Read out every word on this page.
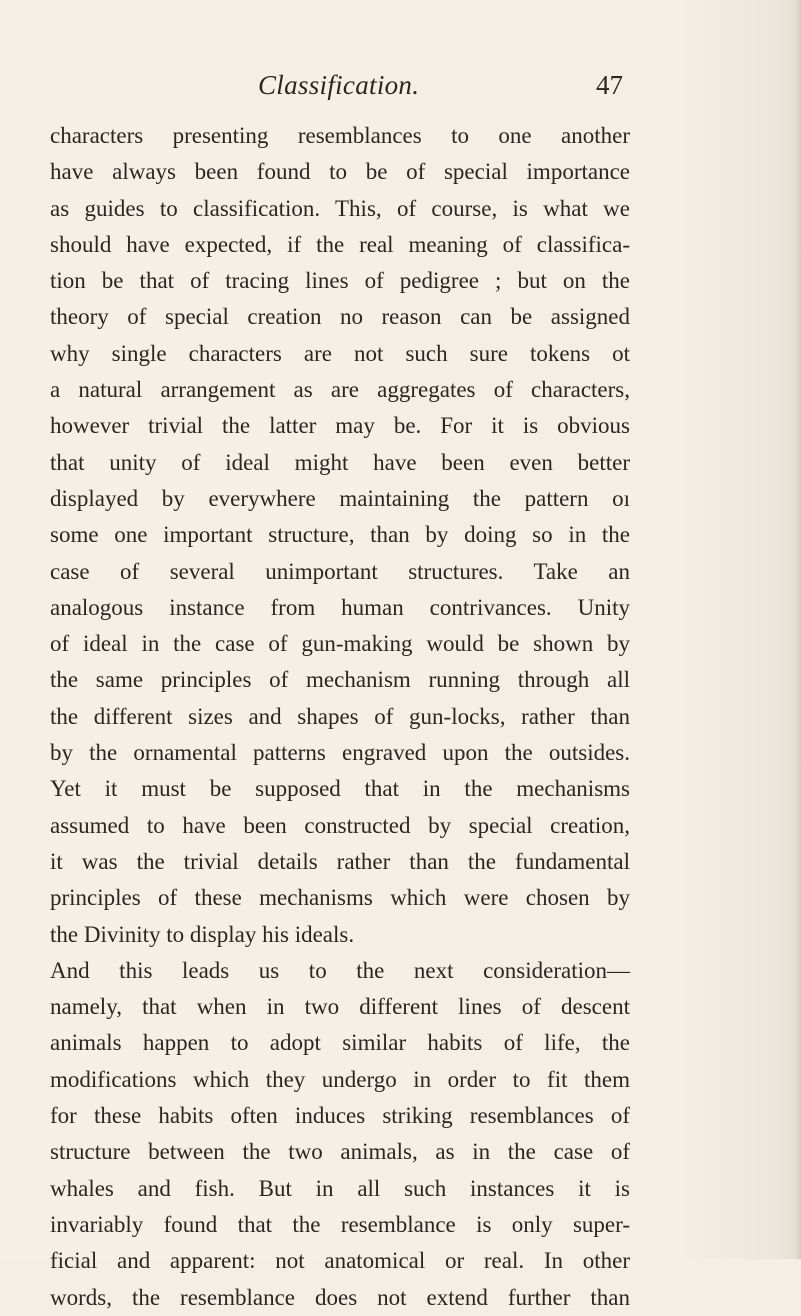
Classification.	47
characters presenting resemblances to one another
have always been found to be of special importance
as guides to classification. This, of course, is what we
should have expected, if the real meaning of classifica-
tion be that of tracing lines of pedigree ; but on the
theory of special creation no reason can be assigned
why single characters are not such sure tokens ot
a natural arrangement as are aggregates of characters,
however trivial the latter may be. For it is obvious
that unity of ideal might have been even better
displayed by everywhere maintaining the pattern oı
some one important structure, than by doing so in the
case of several unimportant structures. Take an
analogous instance from human contrivances. Unity
of ideal in the case of gun-making would be shown by
the same principles of mechanism running through all
the different sizes and shapes of gun-locks, rather than
by the ornamental patterns engraved upon the outsides.
Yet it must be supposed that in the mechanisms
assumed to have been constructed by special creation,
it was the trivial details rather than the fundamental
principles of these mechanisms which were chosen by
the Divinity to display his ideals.
And this leads us to the next consideration—
namely, that when in two different lines of descent
animals happen to adopt similar habits of life, the
modifications which they undergo in order to fit them
for these habits often induces striking resemblances of
structure between the two animals, as in the case of
whales and fish. But in all such instances it is
invariably found that the resemblance is only super-
ficial and apparent: not anatomical or real. In other
words, the resemblance does not extend further than
